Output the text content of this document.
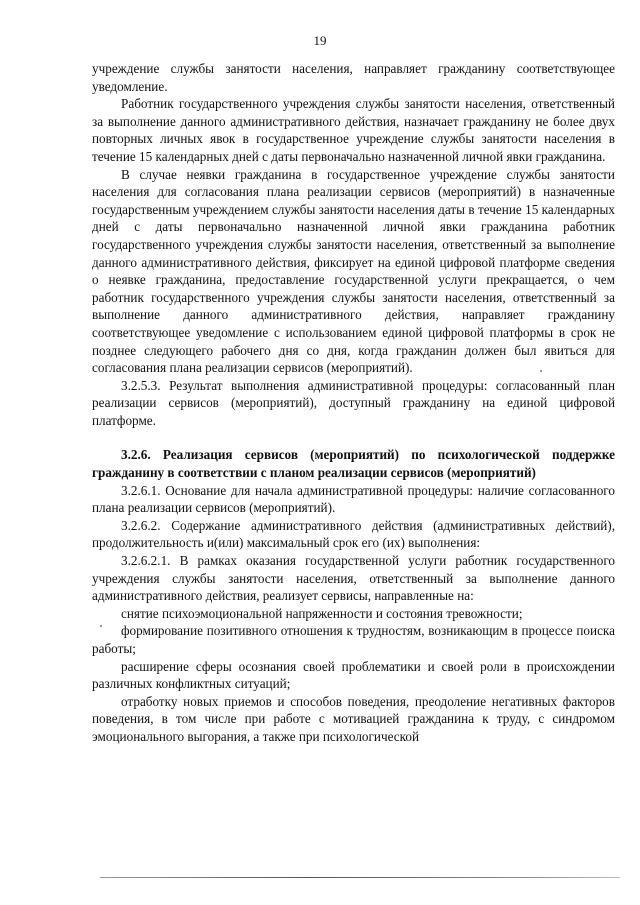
19

учреждение службы занятости населения, направляет гражданину соответствующее уведомление.

Работник государственного учреждения службы занятости населения, ответственный за выполнение данного административного действия, назначает гражданину не более двух повторных личных явок в государственное учреждение службы занятости населения в течение 15 календарных дней с даты первоначально назначенной личной явки гражданина.

В случае неявки гражданина в государственное учреждение службы занятости населения для согласования плана реализации сервисов (мероприятий) в назначенные государственным учреждением службы занятости населения даты в течение 15 календарных дней с даты первоначально назначенной личной явки гражданина работник государственного учреждения службы занятости населения, ответственный за выполнение данного административного действия, фиксирует на единой цифровой платформе сведения о неявке гражданина, предоставление государственной услуги прекращается, о чем работник государственного учреждения службы занятости населения, ответственный за выполнение данного административного действия, направляет гражданину соответствующее уведомление с использованием единой цифровой платформы в срок не позднее следующего рабочего дня со дня, когда гражданин должен был явиться для согласования плана реализации сервисов (мероприятий).

3.2.5.3. Результат выполнения административной процедуры: согласованный план реализации сервисов (мероприятий), доступный гражданину на единой цифровой платформе.

3.2.6. Реализация сервисов (мероприятий) по психологической поддержке гражданину в соответствии с планом реализации сервисов (мероприятий)

3.2.6.1. Основание для начала административной процедуры: наличие согласованного плана реализации сервисов (мероприятий).

3.2.6.2. Содержание административного действия (административных действий), продолжительность и(или) максимальный срок его (их) выполнения:

3.2.6.2.1. В рамках оказания государственной услуги работник государственного учреждения службы занятости населения, ответственный за выполнение данного административного действия, реализует сервисы, направленные на:

снятие психоэмоциональной напряженности и состояния тревожности;

формирование позитивного отношения к трудностям, возникающим в процессе поиска работы;

расширение сферы осознания своей проблематики и своей роли в происхождении различных конфликтных ситуаций;

отработку новых приемов и способов поведения, преодоление негативных факторов поведения, в том числе при работе с мотивацией гражданина к труду, с синдромом эмоционального выгорания, а также при психологической
